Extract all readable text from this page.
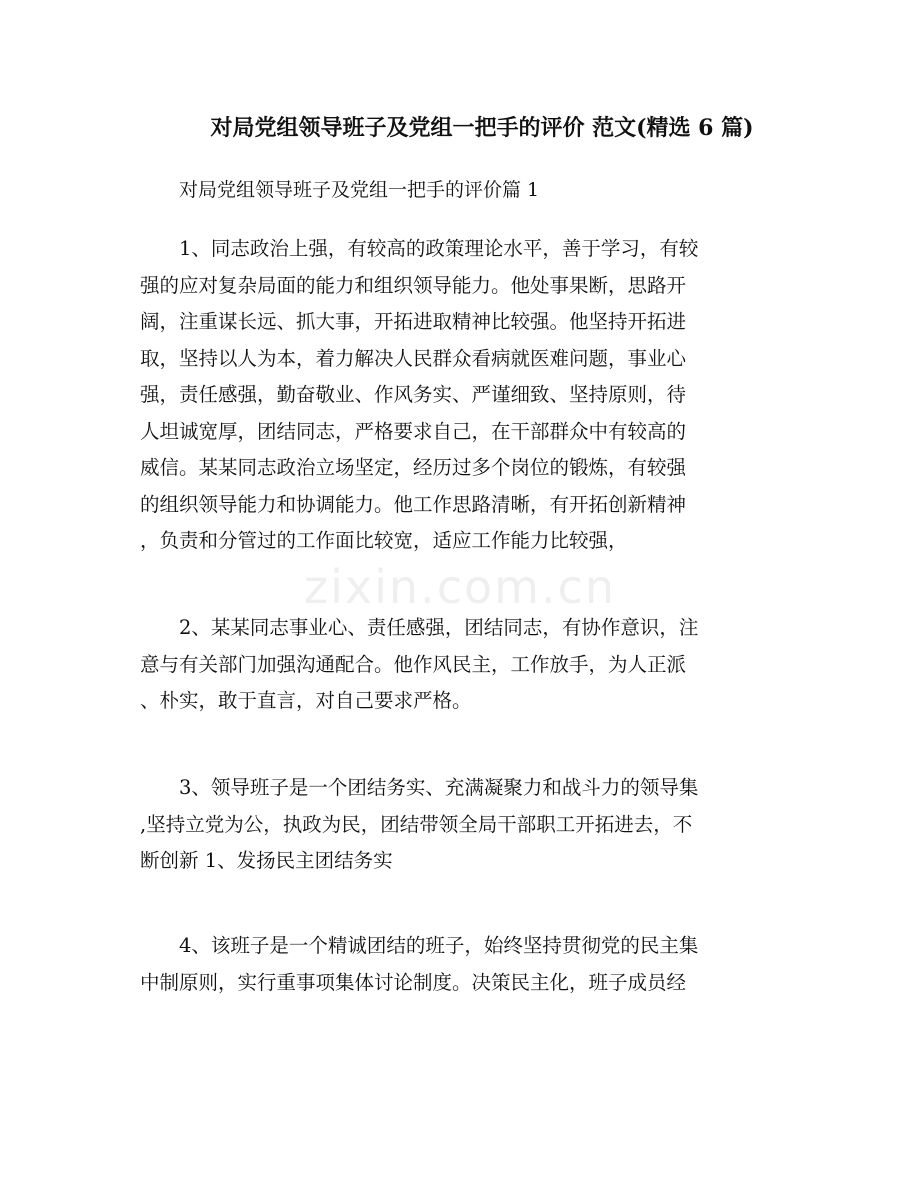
zixin.com.cn
对局党组领导班子及党组一把手的评价 范文(精选 6 篇)
对局党组领导班子及党组一把手的评价篇 1
1、同志政治上强，有较高的政策理论水平，善于学习，有较
强的应对复杂局面的能力和组织领导能力。他处事果断，思路开
阔，注重谋长远、抓大事，开拓进取精神比较强。他坚持开拓进
取，坚持以人为本，着力解决人民群众看病就医难问题，事业心
强，责任感强，勤奋敬业、作风务实、严谨细致、坚持原则，待
人坦诚宽厚，团结同志，严格要求自己，在干部群众中有较高的
威信。某某同志政治立场坚定，经历过多个岗位的锻炼，有较强
的组织领导能力和协调能力。他工作思路清晰，有开拓创新精神
，负责和分管过的工作面比较宽，适应工作能力比较强，
2、某某同志事业心、责任感强，团结同志，有协作意识，注
意与有关部门加强沟通配合。他作风民主，工作放手，为人正派
、朴实，敢于直言，对自己要求严格。
3、领导班子是一个团结务实、充满凝聚力和战斗力的领导集
,坚持立党为公，执政为民，团结带领全局干部职工开拓进去，不
断创新 1、发扬民主团结务实
4、该班子是一个精诚团结的班子，始终坚持贯彻党的民主集
中制原则，实行重事项集体讨论制度。决策民主化，班子成员经
